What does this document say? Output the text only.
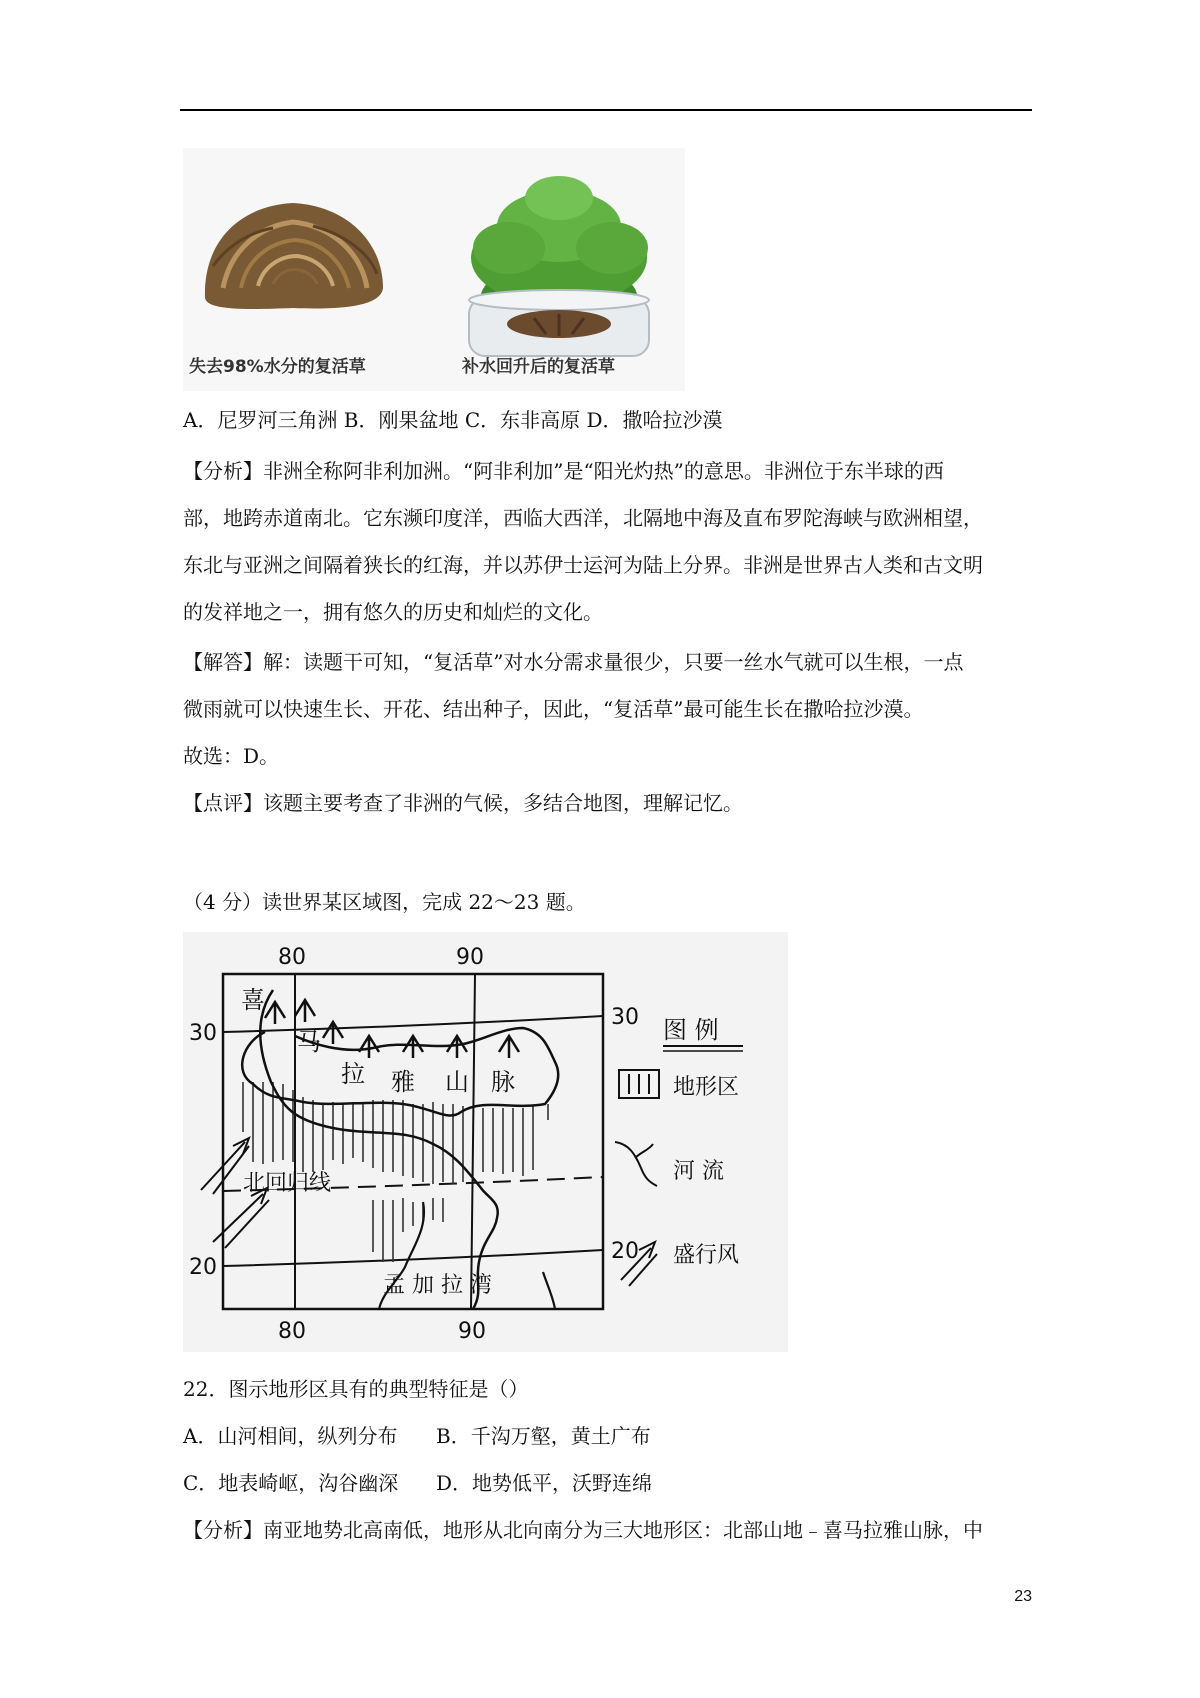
失去98%水分的复活草	补水回升后的复活草
A．尼罗河三角洲 B．刚果盆地 C．东非高原 D．撒哈拉沙漠
【分析】非洲全称阿非利加洲。“阿非利加”是“阳光灼热”的意思。非洲位于东半球的西
部，地跨赤道南北。它东濒印度洋，西临大西洋，北隔地中海及直布罗陀海峡与欧洲相望，
东北与亚洲之间隔着狭长的红海，并以苏伊士运河为陆上分界。非洲是世界古人类和古文明
的发祥地之一，拥有悠久的历史和灿烂的文化。
【解答】解：读题干可知，“复活草”对水分需求量很少，只要一丝水气就可以生根，一点
微雨就可以快速生长、开花、结出种子，因此，“复活草”最可能生长在撒哈拉沙漠。
故选：D。
【点评】该题主要考查了非洲的气候，多结合地图，理解记忆。
（4 分）读世界某区域图，完成 22～23 题。
喜
马
拉 雅 山 脉
北回归线
孟 加 拉 湾
80	90
80	90
30
20
30
20
图 例
地形区
河 流
盛行风
22．图示地形区具有的典型特征是（）
A．山河相间，纵列分布 B．千沟万壑，黄土广布
C．地表崎岖，沟谷幽深 D．地势低平，沃野连绵
【分析】南亚地势北高南低，地形从北向南分为三大地形区：北部山地﹣喜马拉雅山脉，中
23
